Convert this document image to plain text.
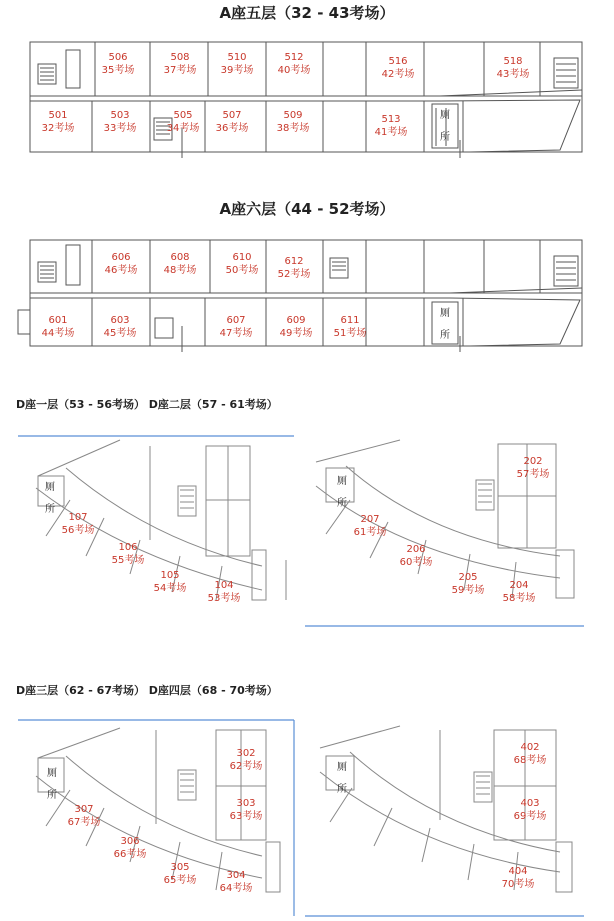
A座五层（32 - 43考场）
A座六层（44 - 52考场）
D座一层（53 - 56考场） D座二层（57 - 61考场）
D座三层（62 - 67考场） D座四层（68 - 70考场）
506
35考场
508
37考场
510
39考场
512
40考场
516
42考场
518
43考场
501
32考场
503
33考场
505
34考场
507
36考场
509
38考场
513
41考场
606
46考场
608
48考场
610
50考场
612
52考场
601
44考场
603
45考场
607
47考场
609
49考场
611
51考场
107
56考场
106
55考场
105
54考场	104
53考场
202
57考场
207
61考场
206
60考场
205
59考场	204
58考场
302
62考场
303
63考场
307
67考场
306
66考场
305
65考场	304
64考场
402
68考场
403
69考场
404
70考场
厕
所
厕
所
厕
所
厕
所
厕
所
厕
所
